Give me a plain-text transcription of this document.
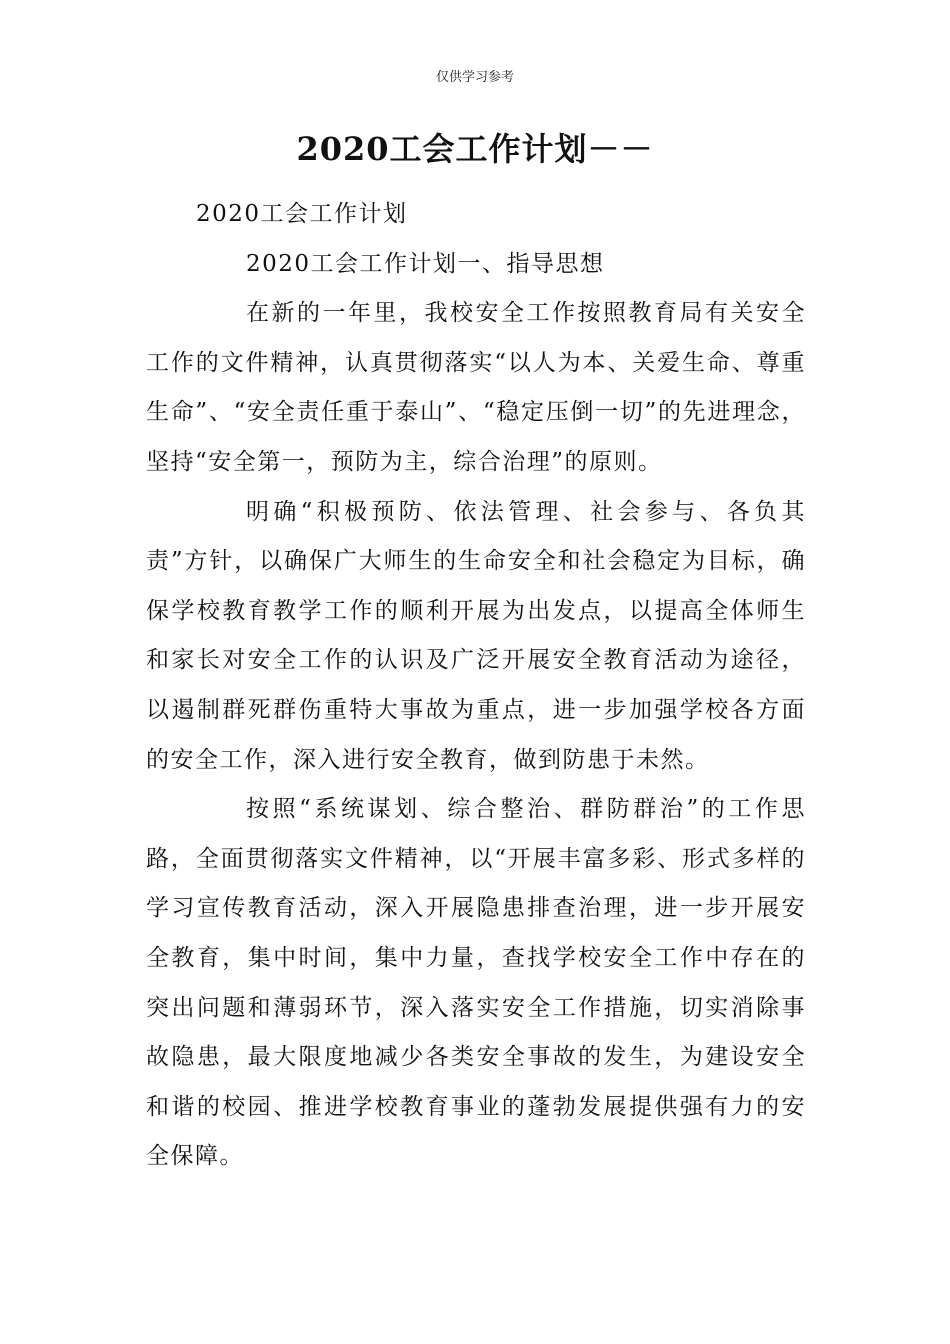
仅供学习参考
2020工会工作计划－－

2020工会工作计划

2020工会工作计划一、指导思想

在新的一年里，我校安全工作按照教育局有关安全工作的文件精神，认真贯彻落实“以人为本、关爱生命、尊重生命”、“安全责任重于泰山”、“稳定压倒一切”的先进理念，坚持“安全第一，预防为主，综合治理”的原则。

明确“积极预防、依法管理、社会参与、各负其责”方针，以确保广大师生的生命安全和社会稳定为目标，确保学校教育教学工作的顺利开展为出发点，以提高全体师生和家长对安全工作的认识及广泛开展安全教育活动为途径，以遏制群死群伤重特大事故为重点，进一步加强学校各方面的安全工作，深入进行安全教育，做到防患于未然。

按照“系统谋划、综合整治、群防群治”的工作思路，全面贯彻落实文件精神，以“开展丰富多彩、形式多样的学习宣传教育活动，深入开展隐患排查治理，进一步开展安全教育，集中时间，集中力量，查找学校安全工作中存在的突出问题和薄弱环节，深入落实安全工作措施，切实消除事故隐患，最大限度地减少各类安全事故的发生，为建设安全和谐的校园、推进学校教育事业的蓬勃发展提供强有力的安全保障。
